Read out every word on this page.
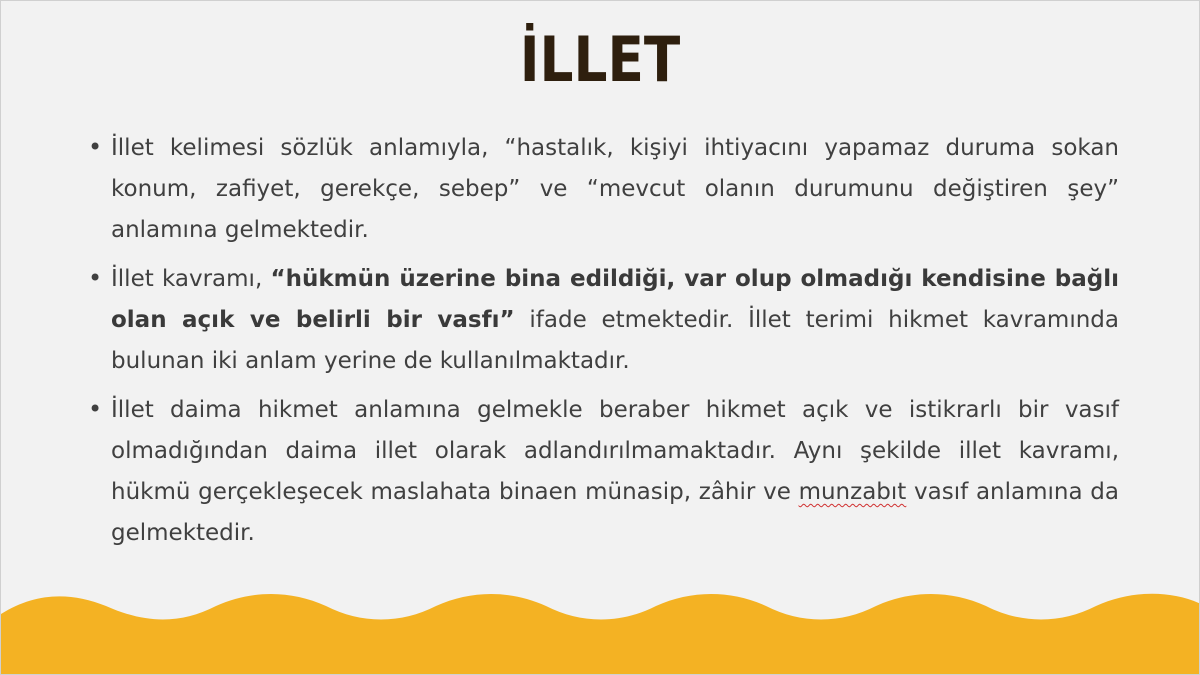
İLLET
• İllet kelimesi sözlük anlamıyla, “hastalık, kişiyi ihtiyacını yapamaz duruma sokan konum, zafiyet, gerekçe, sebep” ve “mevcut olanın durumunu değiştiren şey” anlamına gelmektedir.
• İllet kavramı, “hükmün üzerine bina edildiği, var olup olmadığı kendisine bağlı olan açık ve belirli bir vasfı” ifade etmektedir. İllet terimi hikmet kavramında bulunan iki anlam yerine de kullanılmaktadır.
• İllet daima hikmet anlamına gelmekle beraber hikmet açık ve istikrarlı bir vasıf olmadığından daima illet olarak adlandırılmamaktadır. Aynı şekilde illet kavramı, hükmü gerçekleşecek maslahata binaen münasip, zâhir ve munzabıt vasıf anlamına da gelmektedir.
